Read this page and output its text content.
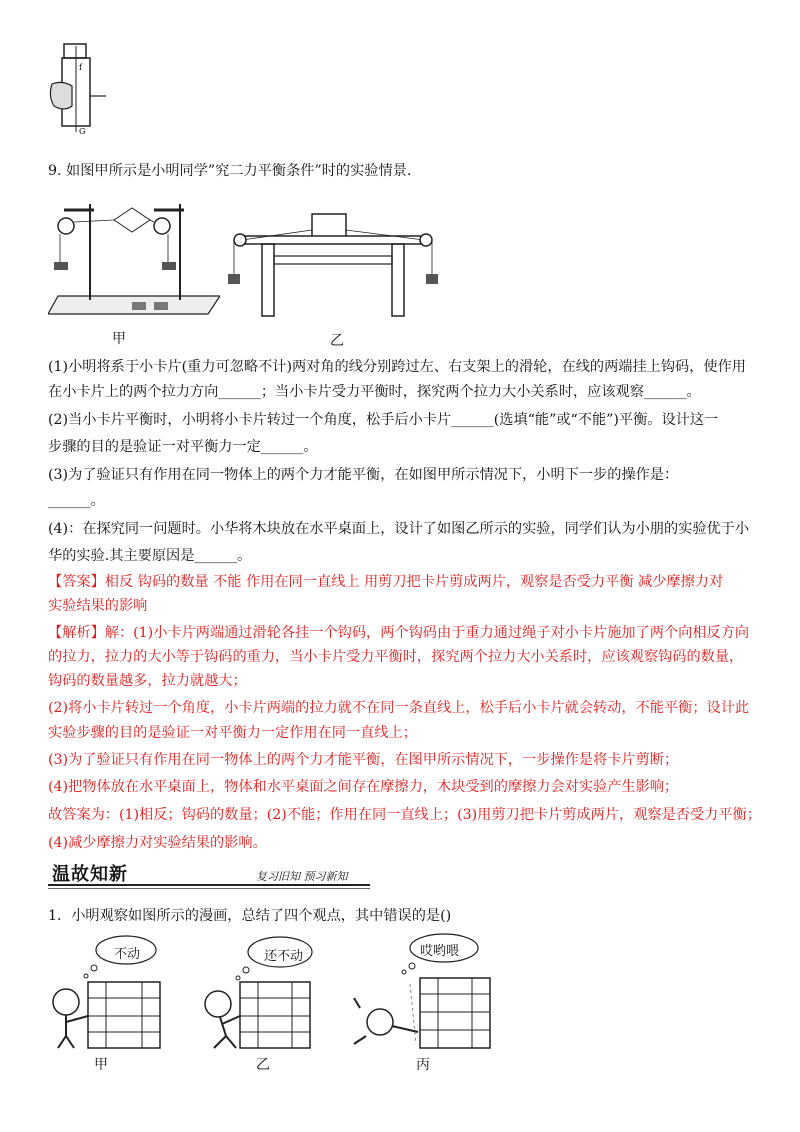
f
G
9. 如图甲所示是小明同学”究二力平衡条件”时的实验情景.
甲	乙
(1)小明将系于小卡片(重力可忽略不计)两对角的线分别跨过左、右支架上的滑轮，在线的两端挂上钩码，使作用
在小卡片上的两个拉力方向______；当小卡片受力平衡时，探究两个拉力大小关系时，应该观察______。
(2)当小卡片平衡时，小明将小卡片转过一个角度，松手后小卡片______(选填“能”或“不能”)平衡。设计这一
步骤的目的是验证一对平衡力一定______。
(3)为了验证只有作用在同一物体上的两个力才能平衡，在如图甲所示情况下，小明下一步的操作是：
______。
(4)：在探究同一问题时。小华将木块放在水平桌面上，设计了如图乙所示的实验，同学们认为小朋的实验优于小
华的实验.其主要原因是______。
【答案】相反 钩码的数量 不能 作用在同一直线上 用剪刀把卡片剪成两片，观察是否受力平衡 减少摩擦力对
实验结果的影响
【解析】解：(1)小卡片两端通过滑轮各挂一个钩码，两个钩码由于重力通过绳子对小卡片施加了两个向相反方向
的拉力，拉力的大小等于钩码的重力，当小卡片受力平衡时，探究两个拉力大小关系时，应该观察钩码的数量，
钩码的数量越多，拉力就越大；
(2)将小卡片转过一个角度，小卡片两端的拉力就不在同一条直线上，松手后小卡片就会转动，不能平衡；设计此
实验步骤的目的是验证一对平衡力一定作用在同一直线上；
(3)为了验证只有作用在同一物体上的两个力才能平衡，在图甲所示情况下，一步操作是将卡片剪断；
(4)把物体放在水平桌面上，物体和水平桌面之间存在摩擦力，木块受到的摩擦力会对实验产生影响；
故答案为：(1)相反；钩码的数量；(2)不能；作用在同一直线上；(3)用剪刀把卡片剪成两片，观察是否受力平衡；
(4)减少摩擦力对实验结果的影响。
温故知新	复习旧知 预习新知
1．小明观察如图所示的漫画，总结了四个观点，其中错误的是()
不动	还不动	哎哟喂
甲	乙	丙
